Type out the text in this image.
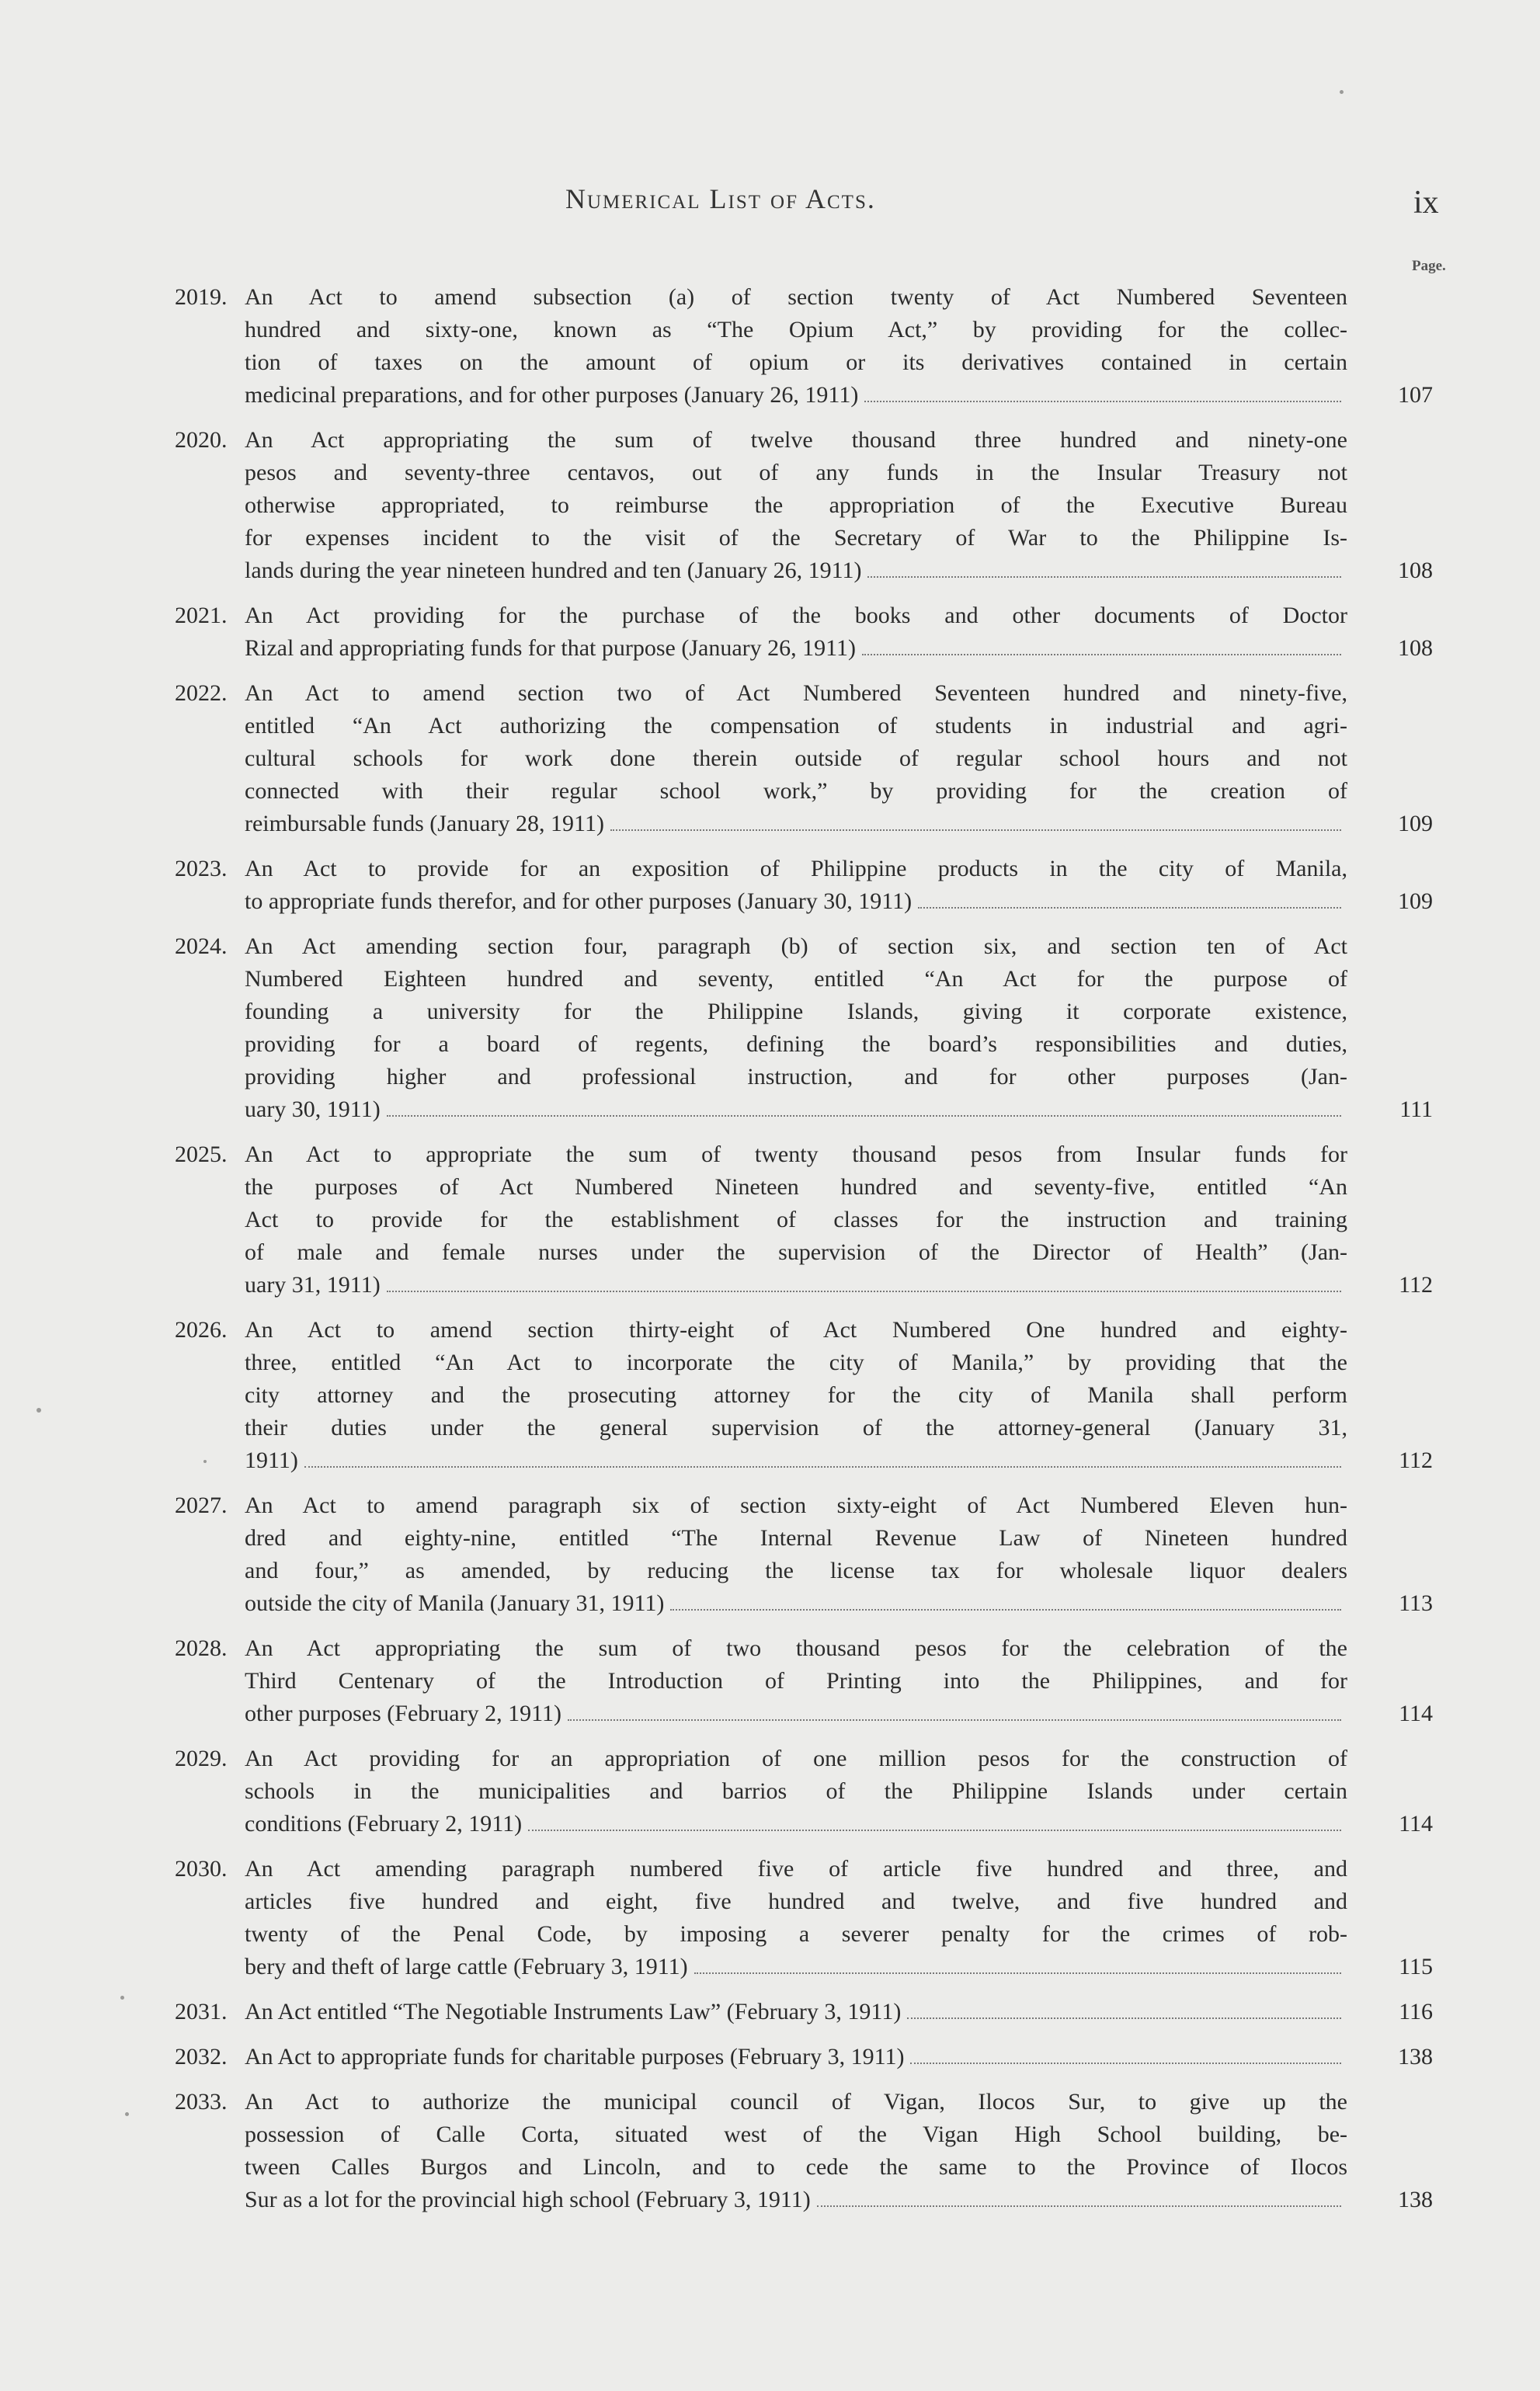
Numerical List of Acts.	ix
Page.
2019. An Act to amend subsection (a) of section twenty of Act Numbered Seventeen
hundred and sixty-one, known as “The Opium Act,” by providing for the collec-
tion of taxes on the amount of opium or its derivatives contained in certain
medicinal preparations, and for other purposes (January 26, 1911)	107
2020. An Act appropriating the sum of twelve thousand three hundred and ninety-one
pesos and seventy-three centavos, out of any funds in the Insular Treasury not
otherwise appropriated, to reimburse the appropriation of the Executive Bureau
for expenses incident to the visit of the Secretary of War to the Philippine Is-
lands during the year nineteen hundred and ten (January 26, 1911)	108
2021. An Act providing for the purchase of the books and other documents of Doctor
Rizal and appropriating funds for that purpose (January 26, 1911)	108
2022. An Act to amend section two of Act Numbered Seventeen hundred and ninety-five,
entitled “An Act authorizing the compensation of students in industrial and agri-
cultural schools for work done therein outside of regular school hours and not
connected with their regular school work,” by providing for the creation of
reimbursable funds (January 28, 1911)	109
2023. An Act to provide for an exposition of Philippine products in the city of Manila,
to appropriate funds therefor, and for other purposes (January 30, 1911)	109
2024. An Act amending section four, paragraph (b) of section six, and section ten of Act
Numbered Eighteen hundred and seventy, entitled “An Act for the purpose of
founding a university for the Philippine Islands, giving it corporate existence,
providing for a board of regents, defining the board’s responsibilities and duties,
providing higher and professional instruction, and for other purposes (Jan-
uary 30, 1911)	111
2025. An Act to appropriate the sum of twenty thousand pesos from Insular funds for
the purposes of Act Numbered Nineteen hundred and seventy-five, entitled “An
Act to provide for the establishment of classes for the instruction and training
of male and female nurses under the supervision of the Director of Health” (Jan-
uary 31, 1911)	112
2026. An Act to amend section thirty-eight of Act Numbered One hundred and eighty-
three, entitled “An Act to incorporate the city of Manila,” by providing that the
city attorney and the prosecuting attorney for the city of Manila shall perform
their duties under the general supervision of the attorney-general (January 31,
1911)	112
2027. An Act to amend paragraph six of section sixty-eight of Act Numbered Eleven hun-
dred and eighty-nine, entitled “The Internal Revenue Law of Nineteen hundred
and four,” as amended, by reducing the license tax for wholesale liquor dealers
outside the city of Manila (January 31, 1911)	113
2028. An Act appropriating the sum of two thousand pesos for the celebration of the
Third Centenary of the Introduction of Printing into the Philippines, and for
other purposes (February 2, 1911)	114
2029. An Act providing for an appropriation of one million pesos for the construction of
schools in the municipalities and barrios of the Philippine Islands under certain
conditions (February 2, 1911)	114
2030. An Act amending paragraph numbered five of article five hundred and three, and
articles five hundred and eight, five hundred and twelve, and five hundred and
twenty of the Penal Code, by imposing a severer penalty for the crimes of rob-
bery and theft of large cattle (February 3, 1911)	115
2031. An Act entitled “The Negotiable Instruments Law” (February 3, 1911)	116
2032. An Act to appropriate funds for charitable purposes (February 3, 1911)	138
2033. An Act to authorize the municipal council of Vigan, Ilocos Sur, to give up the
possession of Calle Corta, situated west of the Vigan High School building, be-
tween Calles Burgos and Lincoln, and to cede the same to the Province of Ilocos
Sur as a lot for the provincial high school (February 3, 1911)	138
